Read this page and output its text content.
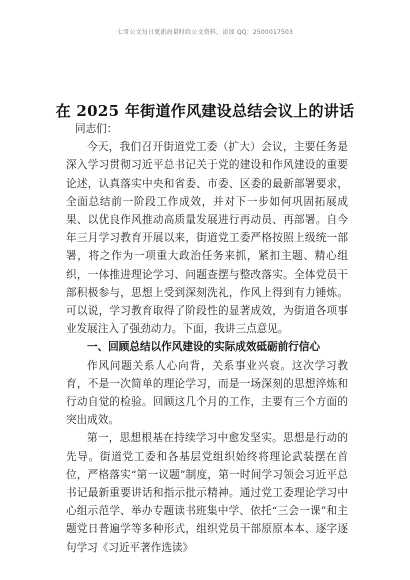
七哥公文每日更新海量时政公文资料，添加 QQ：2500017503
在 2025 年街道作风建设总结会议上的讲话

同志们：

今天，我们召开街道党工委（扩大）会议，主要任务是深入学习贯彻习近平总书记关于党的建设和作风建设的重要论述，认真落实中央和省委、市委、区委的最新部署要求，全面总结前一阶段工作成效，并对下一步如何巩固拓展成果、以优良作风推动高质量发展进行再动员、再部署。自今年三月学习教育开展以来，街道党工委严格按照上级统一部署，将之作为一项重大政治任务来抓，紧扣主题、精心组织，一体推进理论学习、问题查摆与整改落实。全体党员干部积极参与，思想上受到深刻洗礼，作风上得到有力锤炼。可以说，学习教育取得了阶段性的显著成效，为街道各项事业发展注入了强劲动力。下面，我讲三点意见。

一、回顾总结以作风建设的实际成效砥砺前行信心

作风问题关系人心向背，关系事业兴衰。这次学习教育，不是一次简单的理论学习，而是一场深刻的思想淬炼和行动自觉的检验。回顾这几个月的工作，主要有三个方面的突出成效。

第一，思想根基在持续学习中愈发坚实。思想是行动的先导。街道党工委和各基层党组织始终将理论武装摆在首位，严格落实“第一议题”制度，第一时间学习领会习近平总书记最新重要讲话和指示批示精神。通过党工委理论学习中心组示范学、举办专题读书班集中学、依托“三会一课”和主题党日普遍学等多种形式，组织党员干部原原本本、逐字逐句学习《习近平著作选读》
